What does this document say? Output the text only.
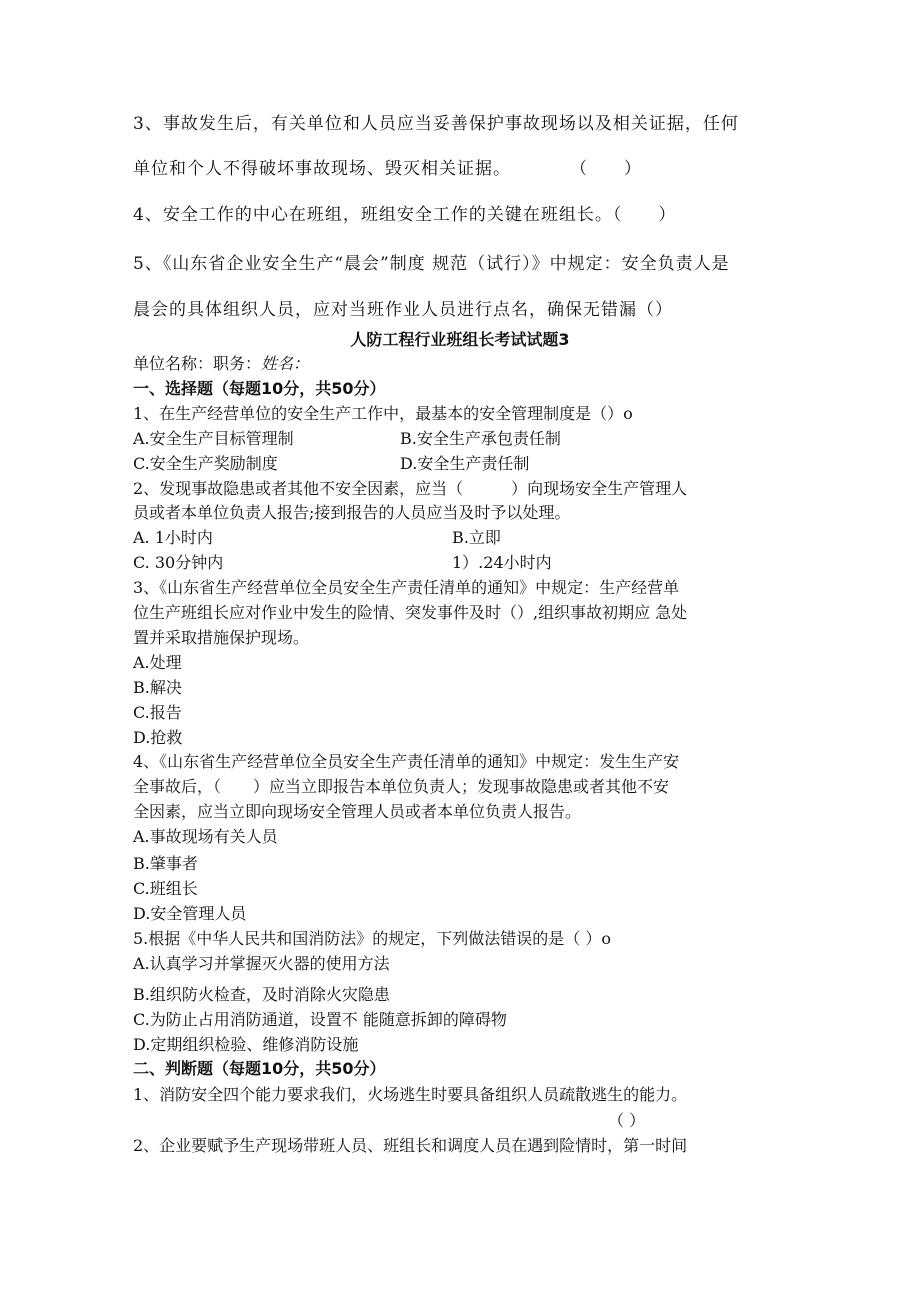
3、事故发生后，有关单位和人员应当妥善保护事故现场以及相关证据，任何
单位和个人不得破坏事故现场、毁灭相关证据。	（　　）
4、安全工作的中心在班组，班组安全工作的关键在班组长。（　　）
5、《山东省企业安全生产“晨会”制度 规范（试行）》中规定：安全负责人是
晨会的具体组织人员，应对当班作业人员进行点名，确保无错漏（）
人防工程行业班组长考试试题3
单位名称：职务：姓名：
一、选择题（每题10分，共50分）
1、在生产经营单位的安全生产工作中，最基本的安全管理制度是（）o
A.安全生产目标管理制	B.安全生产承包责任制
C.安全生产奖励制度	D.安全生产责任制
2、发现事故隐患或者其他不安全因素，应当（　　　）向现场安全生产管理人
员或者本单位负责人报告;接到报告的人员应当及时予以处理。
A. 1小时内	B.立即
C. 30分钟内	1）.24小时内
3、《山东省生产经营单位全员安全生产责任清单的通知》中规定：生产经营单
位生产班组长应对作业中发生的险情、突发事件及时（）,组织事故初期应 急处
置并采取措施保护现场。
A.处理
B.解决
C.报告
D.抢救
4、《山东省生产经营单位全员安全生产责任清单的通知》中规定：发生生产安
全事故后，（　　）应当立即报告本单位负责人；发现事故隐患或者其他不安
全因素，应当立即向现场安全管理人员或者本单位负责人报告。
A.事故现场有关人员
B.肇事者
C.班组长
D.安全管理人员
5.根据《中华人民共和国消防法》的规定，下列做法错误的是（ ）o
A.认真学习并掌握灭火器的使用方法
B.组织防火检查，及时消除火灾隐患
C.为防止占用消防通道，设置不 能随意拆卸的障碍物
D.定期组织检验、维修消防设施
二、判断题（每题10分，共50分）
1、消防安全四个能力要求我们，火场逃生时要具备组织人员疏散逃生的能力。
（ ）
2、企业要赋予生产现场带班人员、班组长和调度人员在遇到险情时，第一时间
